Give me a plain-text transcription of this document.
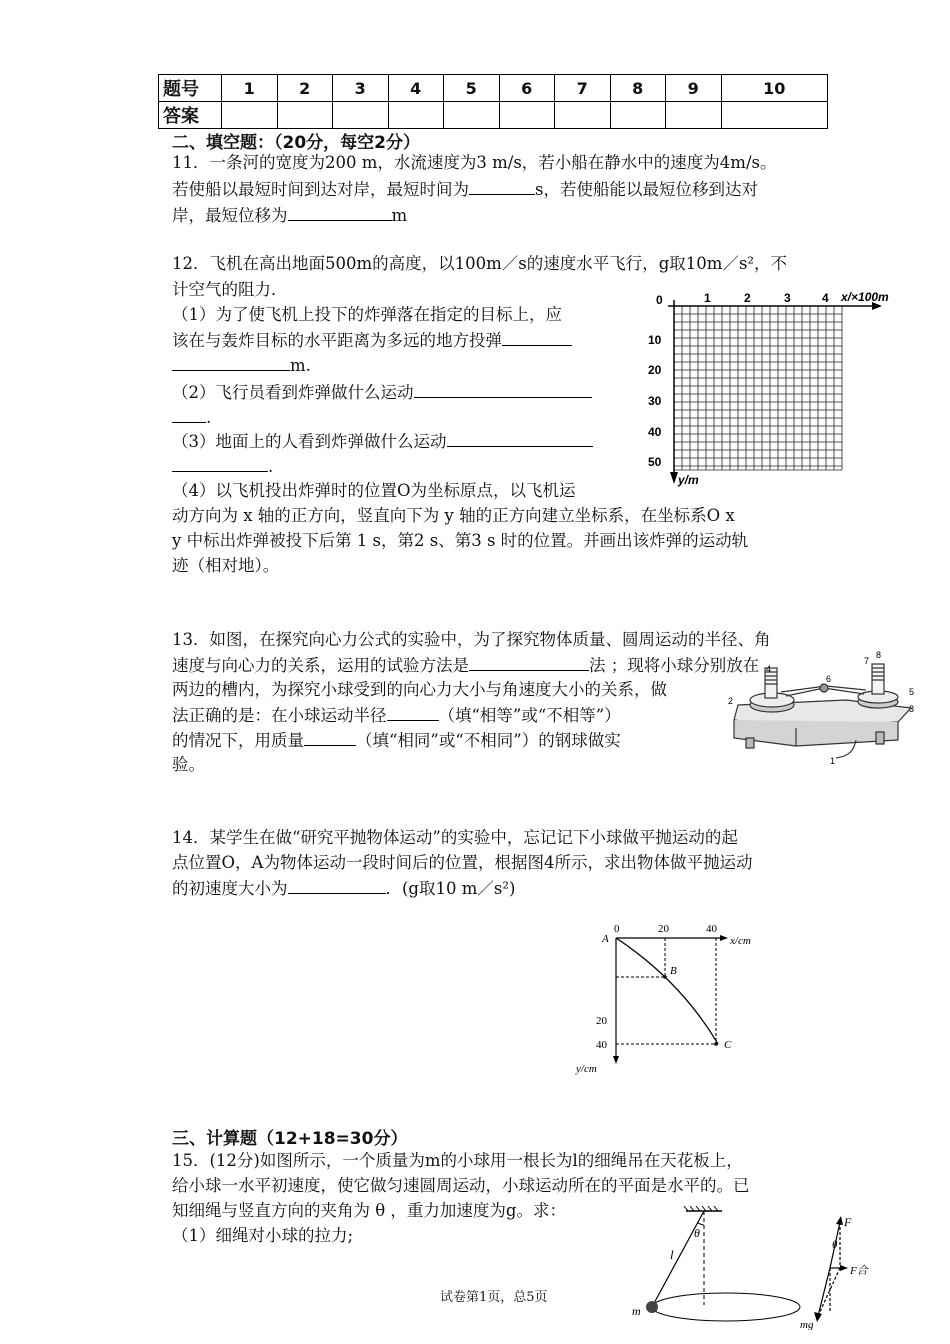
题号	1	2	3	4	5	6	7	8	9	10
答案										
二、填空题：（20分，每空2分）
11．一条河的宽度为200 m，水流速度为3 m/s，若小船在静水中的速度为4m/s。
若使船以最短时间到达对岸，最短时间为	s，若使船能以最短位移到达对
岸，最短位移为	m
12．飞机在高出地面500m的高度，以100m／s的速度水平飞行，g取10m／s²，不
计空气的阻力．
（1）为了使飞机上投下的炸弹落在指定的目标上，应
该在与轰炸目标的水平距离为多远的地方投弹
m.
（2）飞行员看到炸弹做什么运动
.
（3）地面上的人看到炸弹做什么运动
.
（4）以飞机投出炸弹时的位置O为坐标原点，以飞机运
动方向为 x 轴的正方向，竖直向下为 y 轴的正方向建立坐标系，在坐标系O x
y 中标出炸弹被投下后第 1 s，第2 s、第3 s 时的位置。并画出该炸弹的运动轨
迹（相对地）。
0	1	2	3	4 x/×100m
10
20
30
40
50
y/m
13．如图，在探究向心力公式的实验中，为了探究物体质量、圆周运动的半径、角
速度与向心力的关系，运用的试验方法是	法 ；现将小球分别放在
两边的槽内，为探究小球受到的向心力大小与角速度大小的关系，做
法正确的是：在小球运动半径	（填“相等”或“不相等”）
的情况下，用质量	（填“相同”或“不相同”）的钢球做实
验。
4
2
6
8
7
5
3
1
14．某学生在做“研究平抛物体运动”的实验中，忘记记下小球做平抛运动的起
点位置O，A为物体运动一段时间后的位置，根据图4所示，求出物体做平抛运动
的初速度大小为	．(g取10 m／s²)
0	20	40
x/cm
20
40
y/cm
A
B
C
三、计算题（12+18=30分）
15．(12分)如图所示，一个质量为m的小球用一根长为l的细绳吊在天花板上，
给小球一水平初速度，使它做匀速圆周运动，小球运动所在的平面是水平的。已
知细绳与竖直方向的夹角为 θ ，重力加速度为g。求：
（1）细绳对小球的拉力;	θ
l
m
F
θ
F合
mg
试卷第1页，总5页
